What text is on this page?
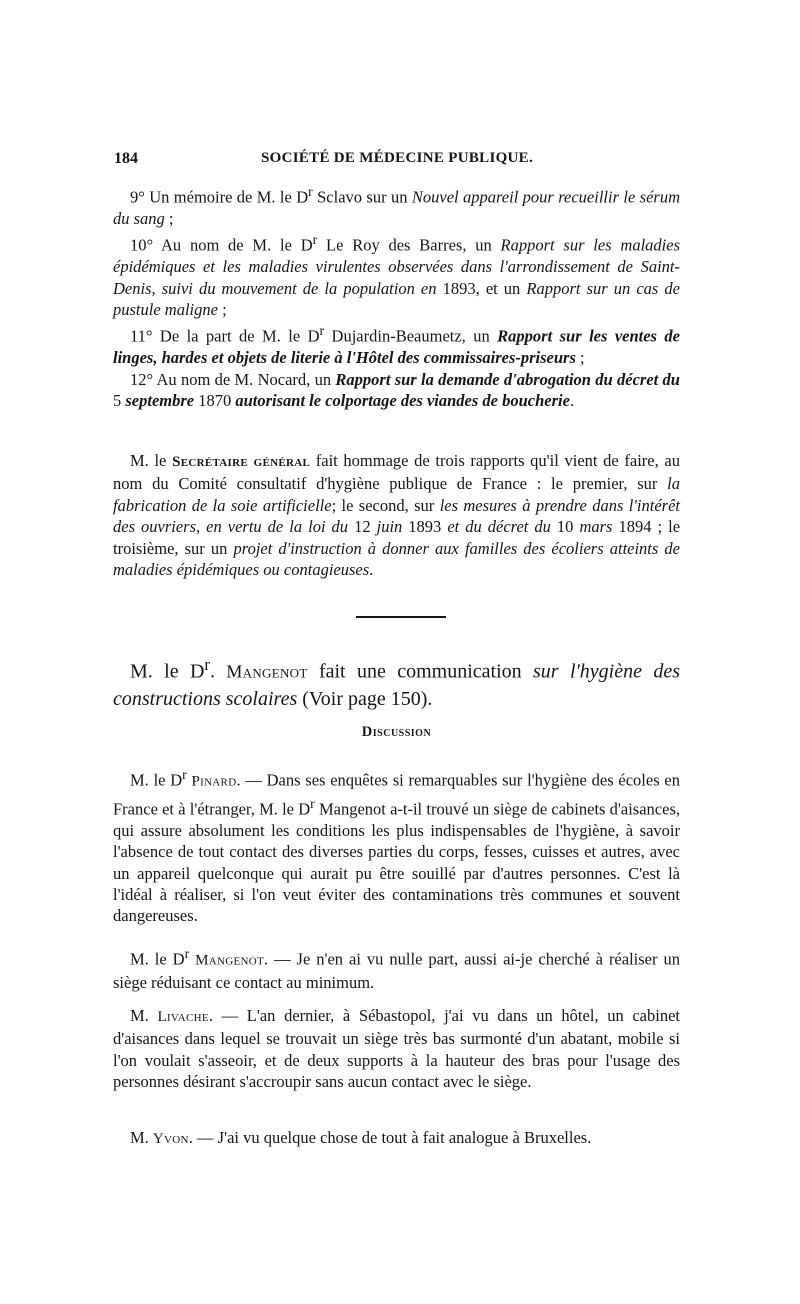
184	SOCIÉTÉ DE MÉDECINE PUBLIQUE.

9° Un mémoire de M. le $D^r$ Sclavo sur un Nouvel appareil pour recueillir le sérum du sang ;

10° Au nom de M. le $D^r$ Le Roy des Barres, un Rapport sur les maladies épidémiques et les maladies virulentes observées dans l'arrondissement de Saint-Denis, suivi du mouvement de la population en 1893, et un Rapport sur un cas de pustule maligne ;

11° De la part de M. le $D^r$ Dujardin-Beaumetz, un Rapport sur les ventes de linges, hardes et objets de literie à l'Hôtel des commissaires-priseurs ;

12° Au nom de M. Nocard, un Rapport sur la demande d'abrogation du décret du 5 septembre 1870 autorisant le colportage des viandes de boucherie.

M. le Secrétaire général fait hommage de trois rapports qu'il vient de faire, au nom du Comité consultatif d'hygiène publique de France : le premier, sur la fabrication de la soie artificielle; le second, sur les mesures à prendre dans l'intérêt des ouvriers, en vertu de la loi du 12 juin 1893 et du décret du 10 mars 1894 ; le troisième, sur un projet d'instruction à donner aux familles des écoliers atteints de maladies épidémiques ou contagieuses.

M. le $D^r$. Mangenot fait une communication sur l'hygiène des constructions scolaires (Voir page 150).

Discussion

M. le $D^r$ Pinard. — Dans ses enquêtes si remarquables sur l'hygiène des écoles en France et à l'étranger, M. le $D^r$ Mangenot a-t-il trouvé un siège de cabinets d'aisances, qui assure absolument les conditions les plus indispensables de l'hygiène, à savoir l'absence de tout contact des diverses parties du corps, fesses, cuisses et autres, avec un appareil quelconque qui aurait pu être souillé par d'autres personnes. C'est là l'idéal à réaliser, si l'on veut éviter des contaminations très communes et souvent dangereuses.

M. le $D^r$ Mangenot. — Je n'en ai vu nulle part, aussi ai-je cherché à réaliser un siège réduisant ce contact au minimum.

M. Livache. — L'an dernier, à Sébastopol, j'ai vu dans un hôtel, un cabinet d'aisances dans lequel se trouvait un siège très bas surmonté d'un abatant, mobile si l'on voulait s'asseoir, et de deux supports à la hauteur des bras pour l'usage des personnes désirant s'accroupir sans aucun contact avec le siège.

M. Yvon. — J'ai vu quelque chose de tout à fait analogue à Bruxelles.
